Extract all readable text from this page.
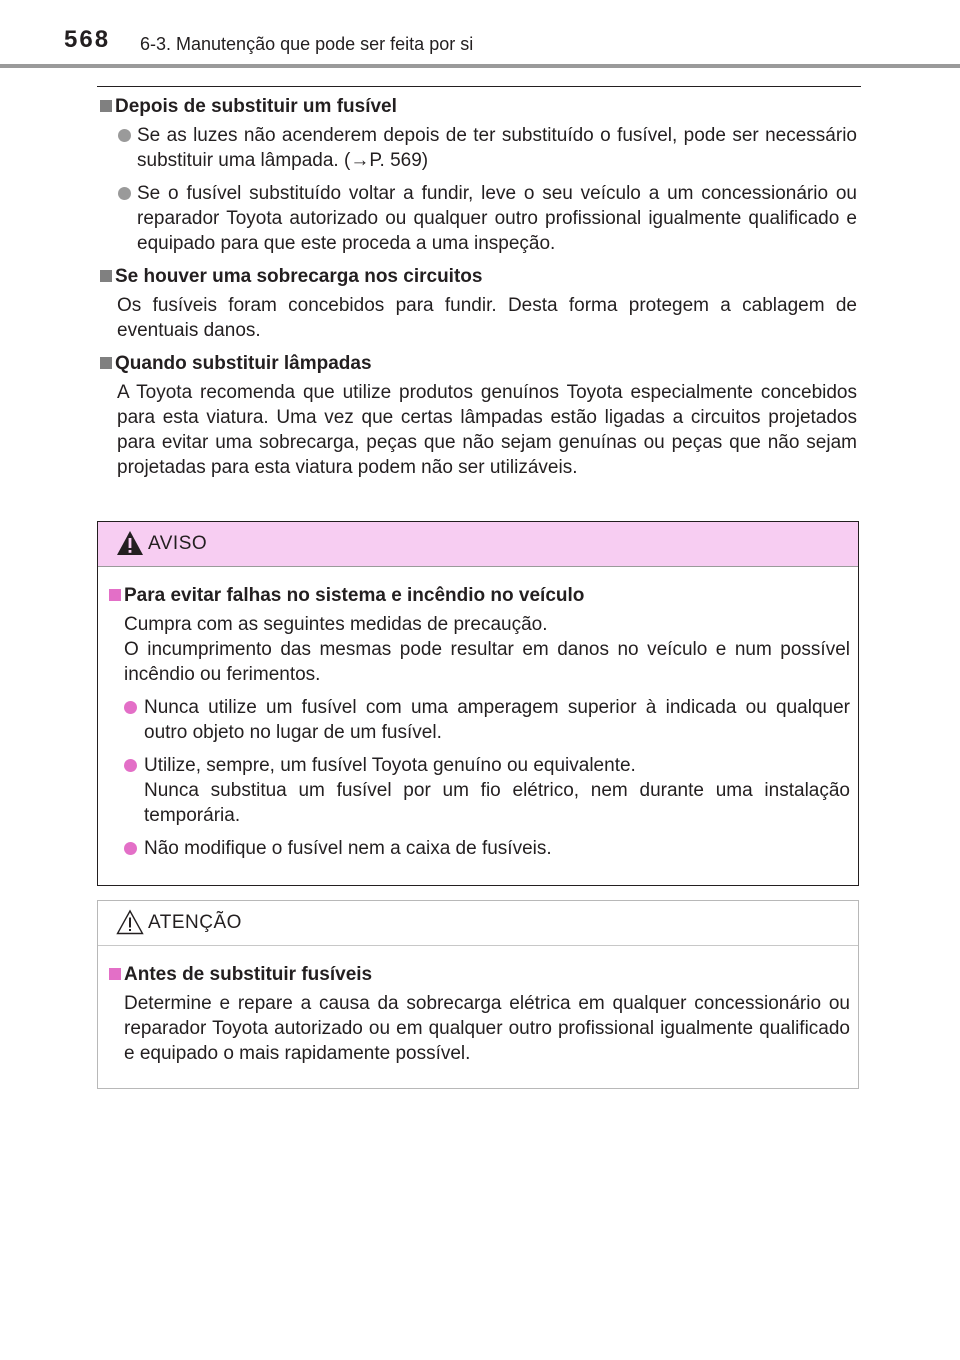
568 6-3. Manutenção que pode ser feita por si
Depois de substituir um fusível
Se as luzes não acenderem depois de ter substituído o fusível, pode ser necessário substituir uma lâmpada. (→P. 569)
Se o fusível substituído voltar a fundir, leve o seu veículo a um concessionário ou reparador Toyota autorizado ou qualquer outro profissional igualmente qualificado e equipado para que este proceda a uma inspeção.
Se houver uma sobrecarga nos circuitos
Os fusíveis foram concebidos para fundir. Desta forma protegem a cablagem de eventuais danos.
Quando substituir lâmpadas
A Toyota recomenda que utilize produtos genuínos Toyota especialmente concebidos para esta viatura. Uma vez que certas lâmpadas estão ligadas a circuitos projetados para evitar uma sobrecarga, peças que não sejam genuínas ou peças que não sejam projetadas para esta viatura podem não ser utilizáveis.
AVISO
Para evitar falhas no sistema e incêndio no veículo
Cumpra com as seguintes medidas de precaução.
O incumprimento das mesmas pode resultar em danos no veículo e num possível incêndio ou ferimentos.
Nunca utilize um fusível com uma amperagem superior à indicada ou qualquer outro objeto no lugar de um fusível.
Utilize, sempre, um fusível Toyota genuíno ou equivalente.
Nunca substitua um fusível por um fio elétrico, nem durante uma instalação temporária.
Não modifique o fusível nem a caixa de fusíveis.
ATENÇÃO
Antes de substituir fusíveis
Determine e repare a causa da sobrecarga elétrica em qualquer concessionário ou reparador Toyota autorizado ou em qualquer outro profissional igualmente qualificado e equipado o mais rapidamente possível.
